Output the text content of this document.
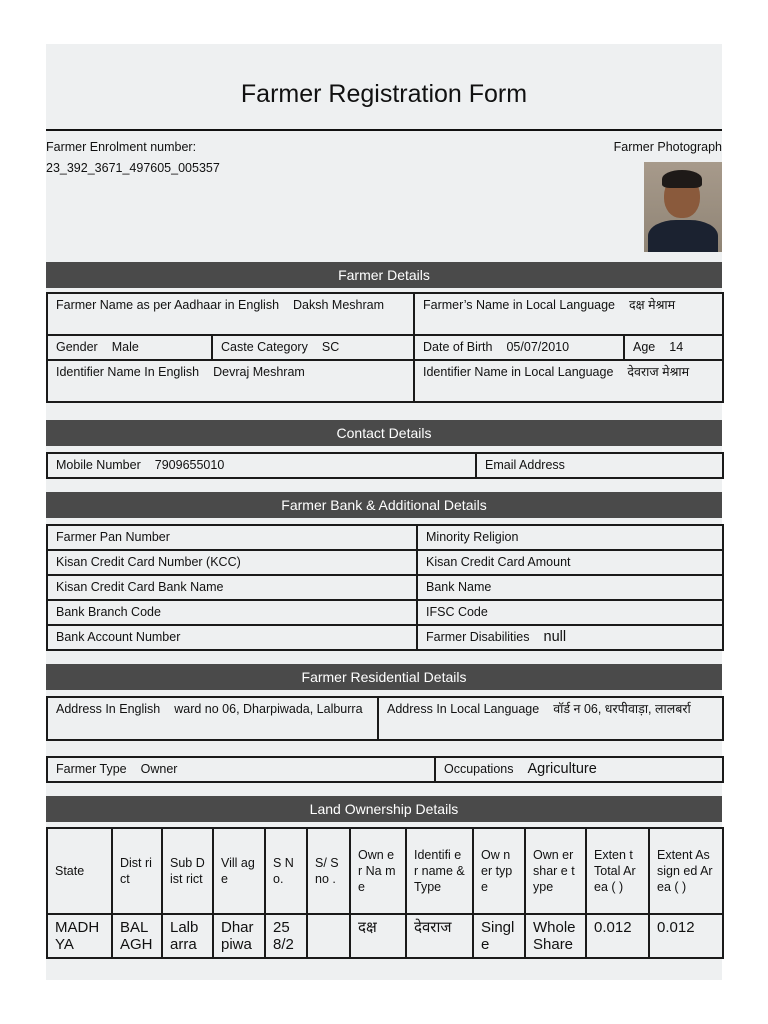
Farmer Registration Form
Farmer Enrolment number:
23_392_3671_497605_005357
Farmer Photograph
Farmer Details
Farmer Name as per Aadhaar in English Daksh Meshram		Farmer’s Name in Local Language दक्ष मेश्राम	
Gender Male	Caste Category SC	Date of Birth 05/07/2010	Age 14
Identifier Name In English Devraj Meshram		Identifier Name in Local Language देवराज मेश्राम	
Contact Details
Mobile Number 7909655010	Email Address
Farmer Bank & Additional Details
Farmer Pan Number	Minority Religion
Kisan Credit Card Number (KCC)	Kisan Credit Card Amount
Kisan Credit Card Bank Name	Bank Name
Bank Branch Code	IFSC Code
Bank Account Number	Farmer Disabilities null
Farmer Residential Details
Address In English ward no 06, Dharpiwada, Lalburra	Address In Local Language वॉर्ड न 06, धरपीवाड़ा, लालबर्रा
Farmer Type Owner	Occupations Agriculture
Land Ownership Details
State	Dist rict	Sub Dist rict	Vill age	S N o.	S/ S no .	Own er Na me	Identifi er name & Type	Ow ner typ e	Own er shar e type	Exten t Total Area ( )	Extent Assign ed Area ( )
MADH YA	BAL AGH	Lalb arra	Dhar piwa	25 8/2		दक्ष	देवराज	Singl e	Whole Share	0.012	0.012
